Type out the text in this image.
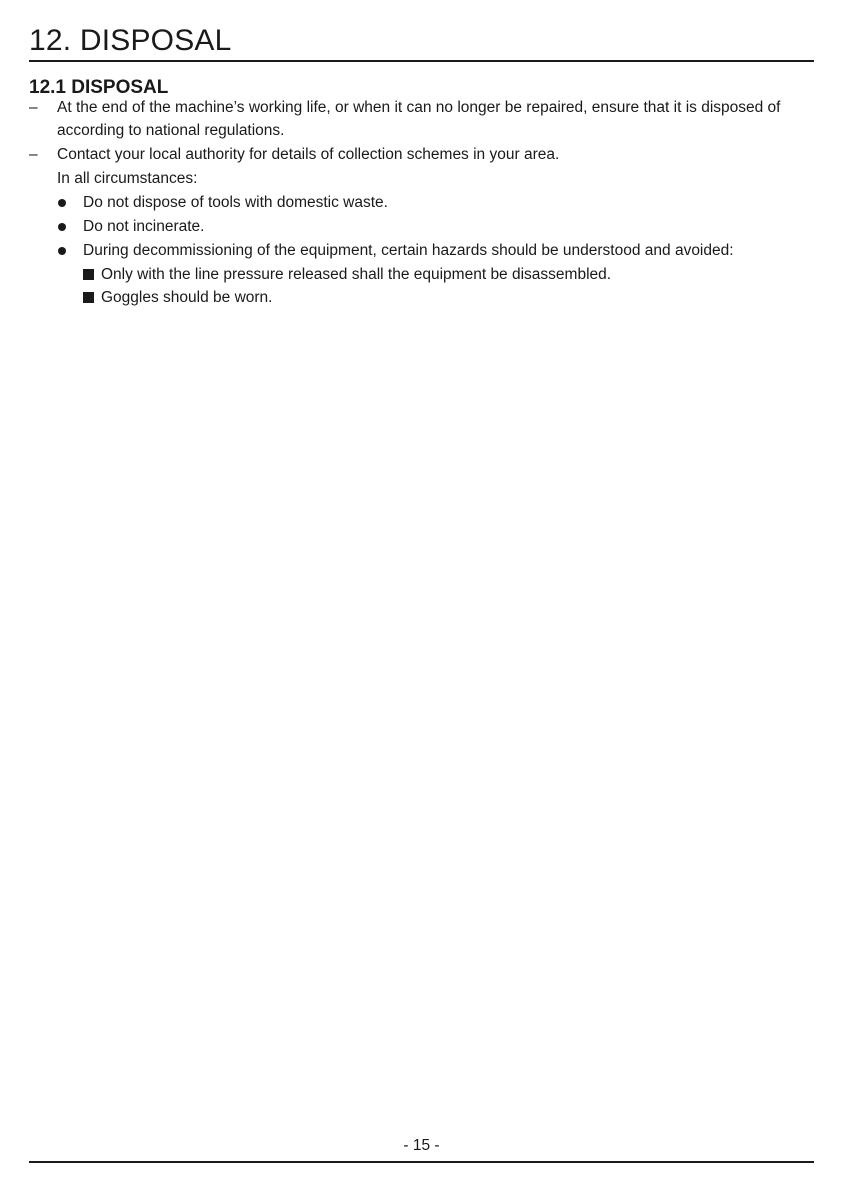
12. DISPOSAL
12.1 DISPOSAL
–	At the end of the machine’s working life, or when it can no longer be repaired, ensure that it is disposed of according to national regulations.
–	Contact your local authority for details of collection schemes in your area.
In all circumstances:
Do not dispose of tools with domestic waste.
Do not incinerate.
During decommissioning of the equipment, certain hazards should be understood and avoided:
Only with the line pressure released shall the equipment be disassembled.
Goggles should be worn.
- 15 -
